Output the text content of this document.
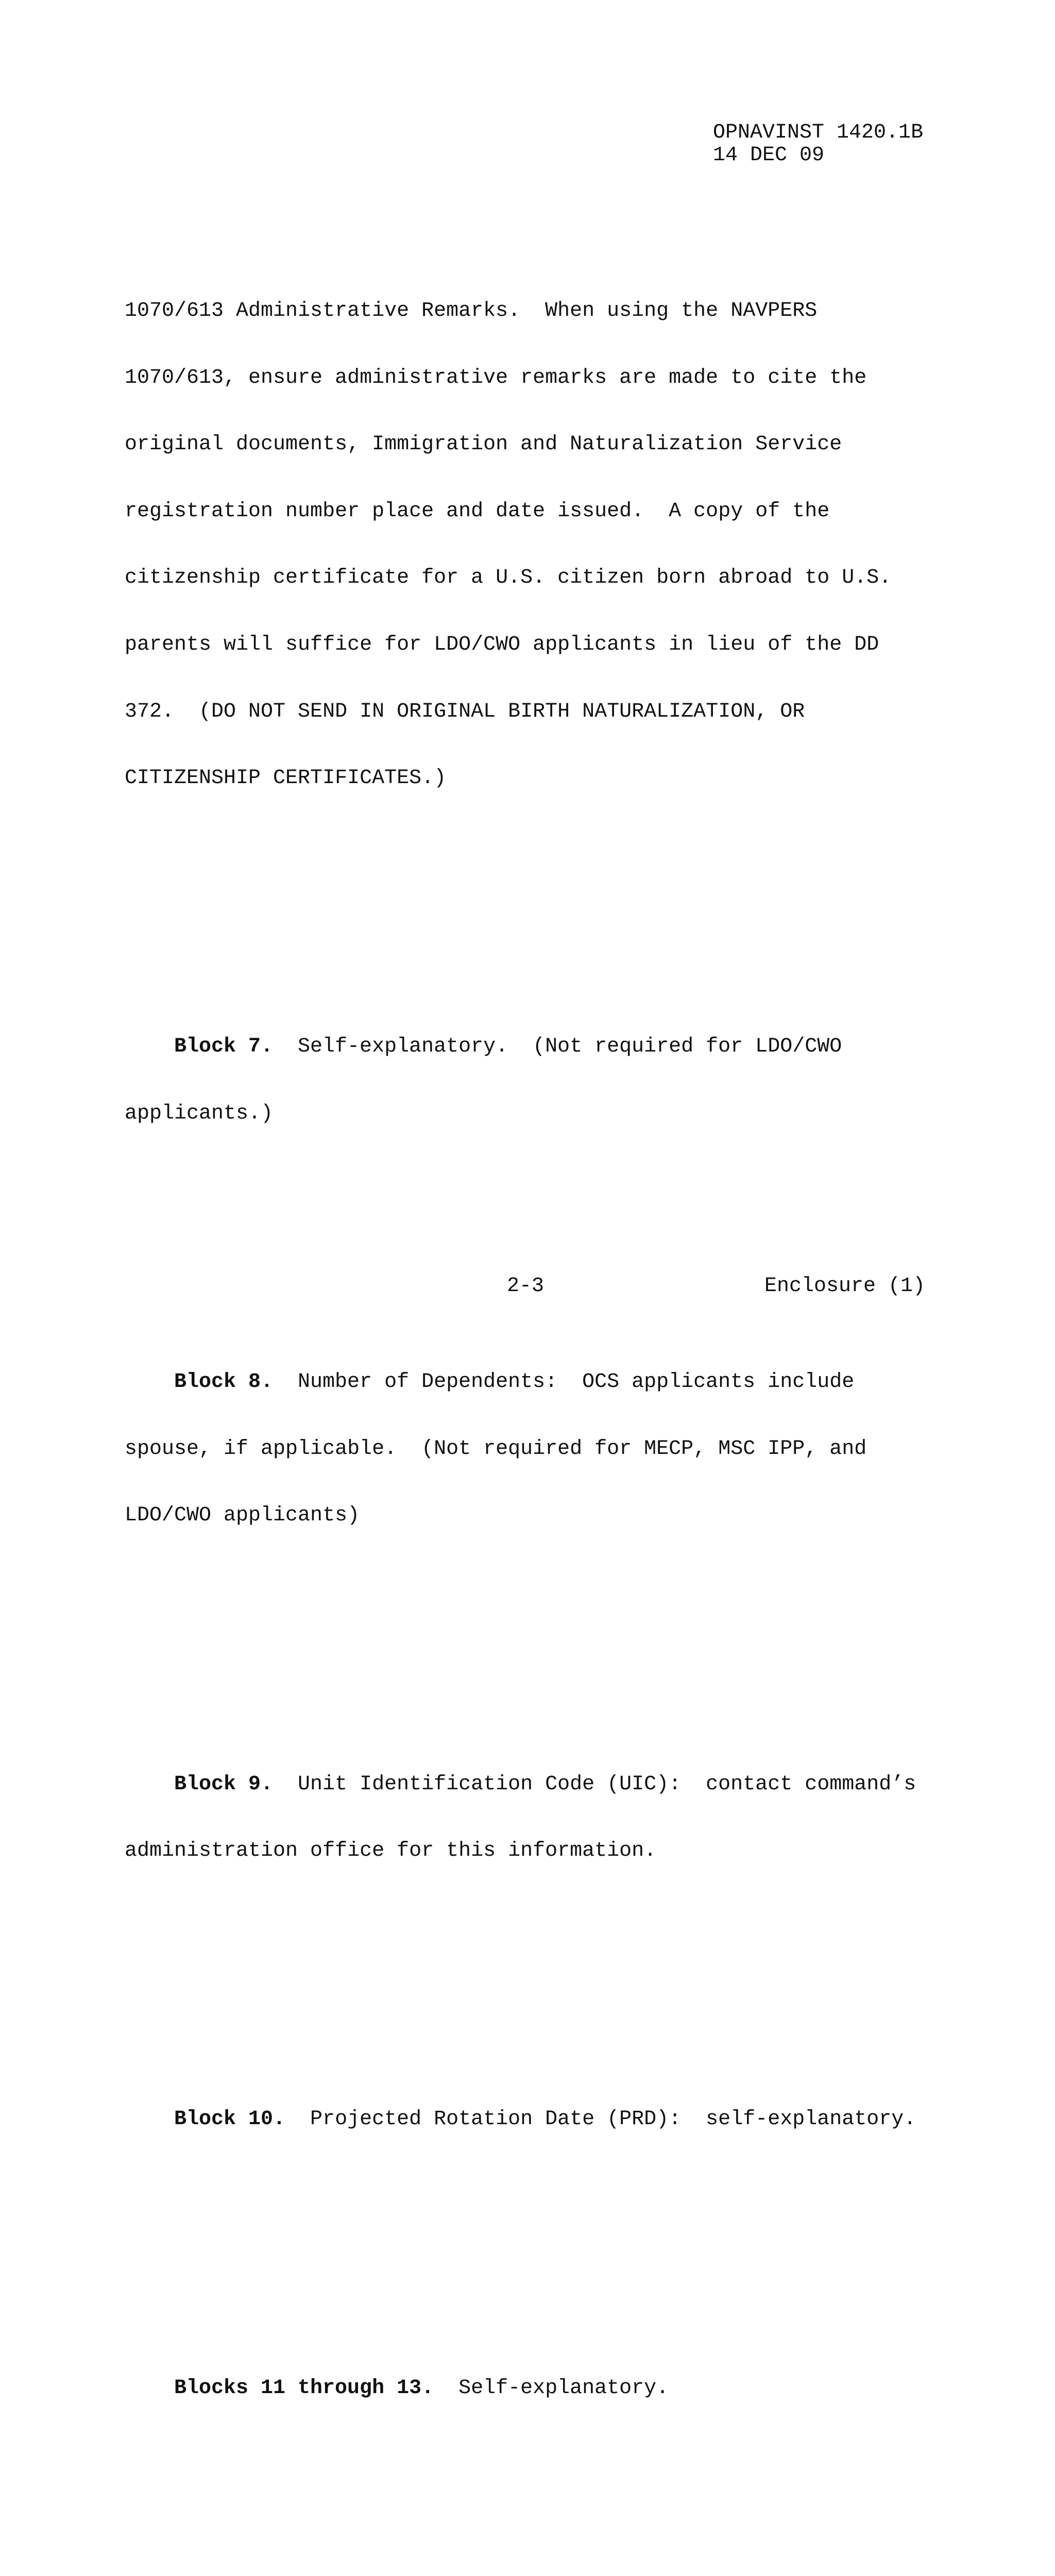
OPNAVINST 1420.1B
14 DEC 09

1070/613 Administrative Remarks.  When using the NAVPERS

1070/613, ensure administrative remarks are made to cite the

original documents, Immigration and Naturalization Service

registration number place and date issued.  A copy of the

citizenship certificate for a U.S. citizen born abroad to U.S.

parents will suffice for LDO/CWO applicants in lieu of the DD

372.  (DO NOT SEND IN ORIGINAL BIRTH NATURALIZATION, OR

CITIZENSHIP CERTIFICATES.)

Block 7.  Self-explanatory.  (Not required for LDO/CWO

applicants.)

Block 8.  Number of Dependents:  OCS applicants include

spouse, if applicable.  (Not required for MECP, MSC IPP, and

LDO/CWO applicants)

Block 9.  Unit Identification Code (UIC):  contact command’s

administration office for this information.

Block 10.  Projected Rotation Date (PRD):  self-explanatory.

Blocks 11 through 13.  Self-explanatory.

2-3	Enclosure (1)
